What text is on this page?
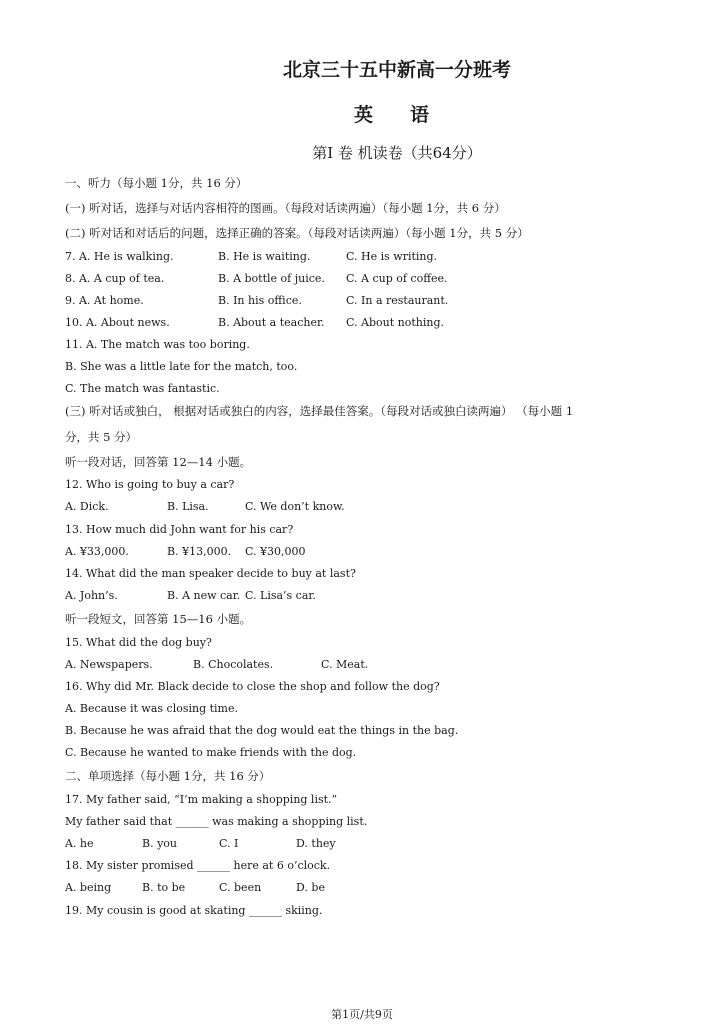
北京三十五中新高一分班考
英 语
第I 卷 机读卷（共64分）
一、听力（每小题 1分，共 16 分）
(一) 听对话，选择与对话内容相符的图画。（每段对话读两遍）（每小题 1分，共 6 分）
(二) 听对话和对话后的问题，选择正确的答案。（每段对话读两遍）（每小题 1分，共 5 分）
7. A. He is walking.	B. He is waiting.	C. He is writing.
8. A. A cup of tea.	B. A bottle of juice. C. A cup of coffee.
9. A. At home.	B. In his office.	C. In a restaurant.
10. A. About news.	B. About a teacher. C. About nothing.
11. A. The match was too boring.
B. She was a little late for the match, too.
C. The match was fantastic.
(三) 听对话或独白， 根据对话或独白的内容，选择最佳答案。（每段对话或独白读两遍） （每小题 1
分，共 5 分）
听一段对话，回答第 12—14 小题。
12. Who is going to buy a car?
A. Dick.	B. Lisa.	C. We don’t know.
13. How much did John want for his car?
A. ¥33,000.	B. ¥13,000. C. ¥30,000
14. What did the man speaker decide to buy at last?
A. John’s.	B. A new car. C. Lisa’s car.
听一段短文，回答第 15—16 小题。
15. What did the dog buy?
A. Newspapers.	B. Chocolates.	C. Meat.
16. Why did Mr. Black decide to close the shop and follow the dog?
A. Because it was closing time.
B. Because he was afraid that the dog would eat the things in the bag.
C. Because he wanted to make friends with the dog.
二、单项选择（每小题 1分，共 16 分）
17. My father said, “I’m making a shopping list.”
My father said that ______ was making a shopping list.
A. he	B. you	C. I	D. they
18. My sister promised ______ here at 6 o’clock.
A. being	B. to be	C. been	D. be
19. My cousin is good at skating ______ skiing.
第1页/共9页
